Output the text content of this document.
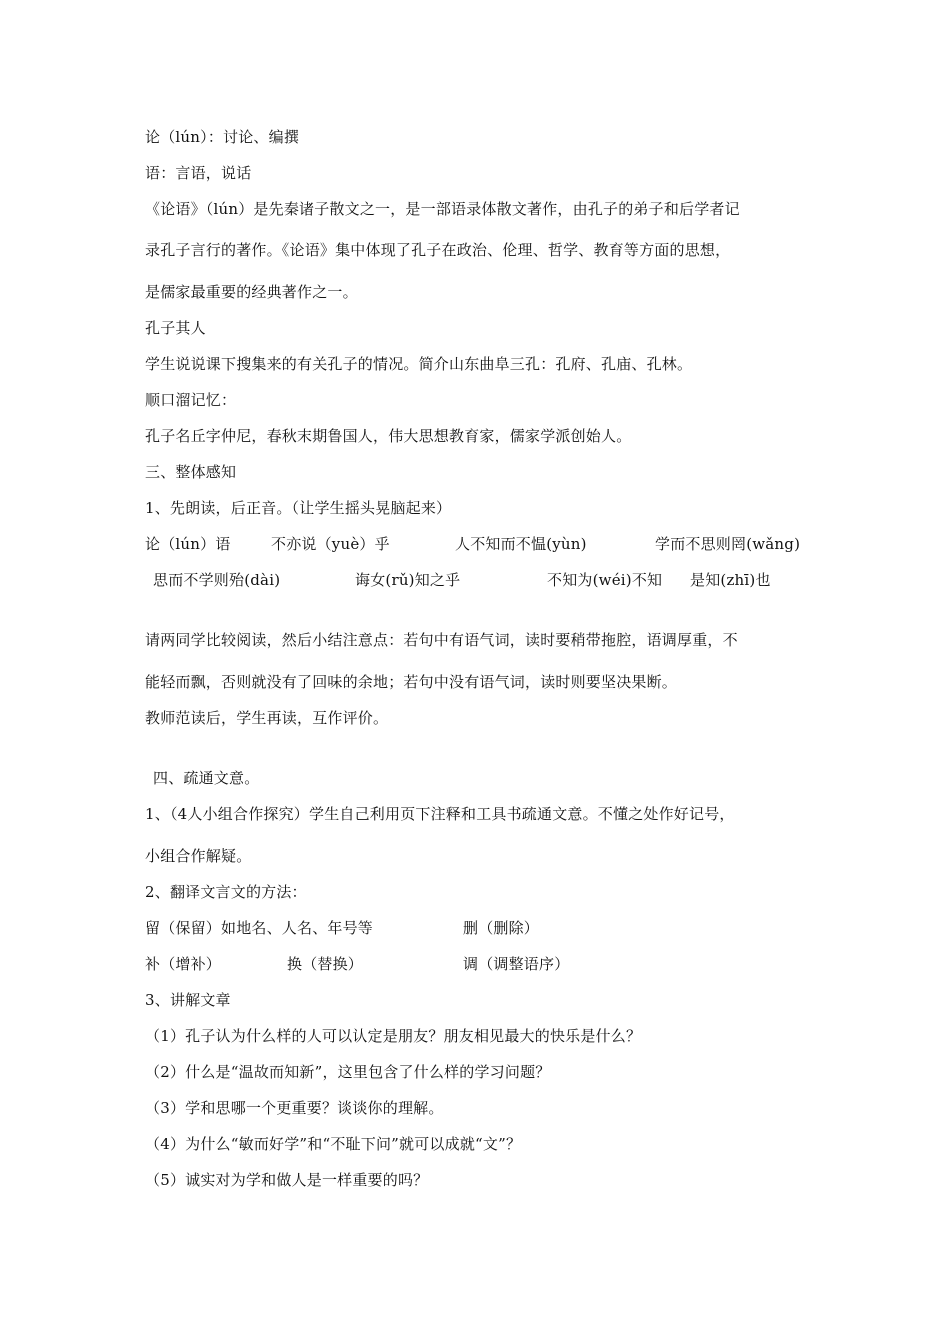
论（lún）：讨论、编撰
语：言语，说话
《论语》（lún）是先秦诸子散文之一，是一部语录体散文著作，由孔子的弟子和后学者记
录孔子言行的著作。《论语》集中体现了孔子在政治、伦理、哲学、教育等方面的思想，
是儒家最重要的经典著作之一。
孔子其人
学生说说课下搜集来的有关孔子的情况。简介山东曲阜三孔：孔府、孔庙、孔林。
顺口溜记忆：
孔子名丘字仲尼，春秋末期鲁国人，伟大思想教育家，儒家学派创始人。
三、整体感知
1、先朗读，后正音。（让学生摇头晃脑起来）
论（lún）语	不亦说（yuè）乎	人不知而不愠(yùn)	学而不思则罔(wǎng)
思而不学则殆(dài)	诲女(rǔ)知之乎	不知为(wéi)不知 是知(zhī)也
请两同学比较阅读，然后小结注意点：若句中有语气词，读时要稍带拖腔，语调厚重，不
能轻而飘，否则就没有了回味的余地；若句中没有语气词，读时则要坚决果断。
教师范读后，学生再读，互作评价。
四、疏通文意。
1、（4人小组合作探究）学生自己利用页下注释和工具书疏通文意。不懂之处作好记号，
小组合作解疑。
2、翻译文言文的方法：
留（保留）如地名、人名、年号等	删（删除）
补（增补）	换（替换）	调（调整语序）
3、讲解文章
（1）孔子认为什么样的人可以认定是朋友？朋友相见最大的快乐是什么？
（2）什么是“温故而知新”，这里包含了什么样的学习问题？
（3）学和思哪一个更重要？谈谈你的理解。
（4）为什么“敏而好学”和“不耻下问”就可以成就“文”？
（5）诚实对为学和做人是一样重要的吗？
